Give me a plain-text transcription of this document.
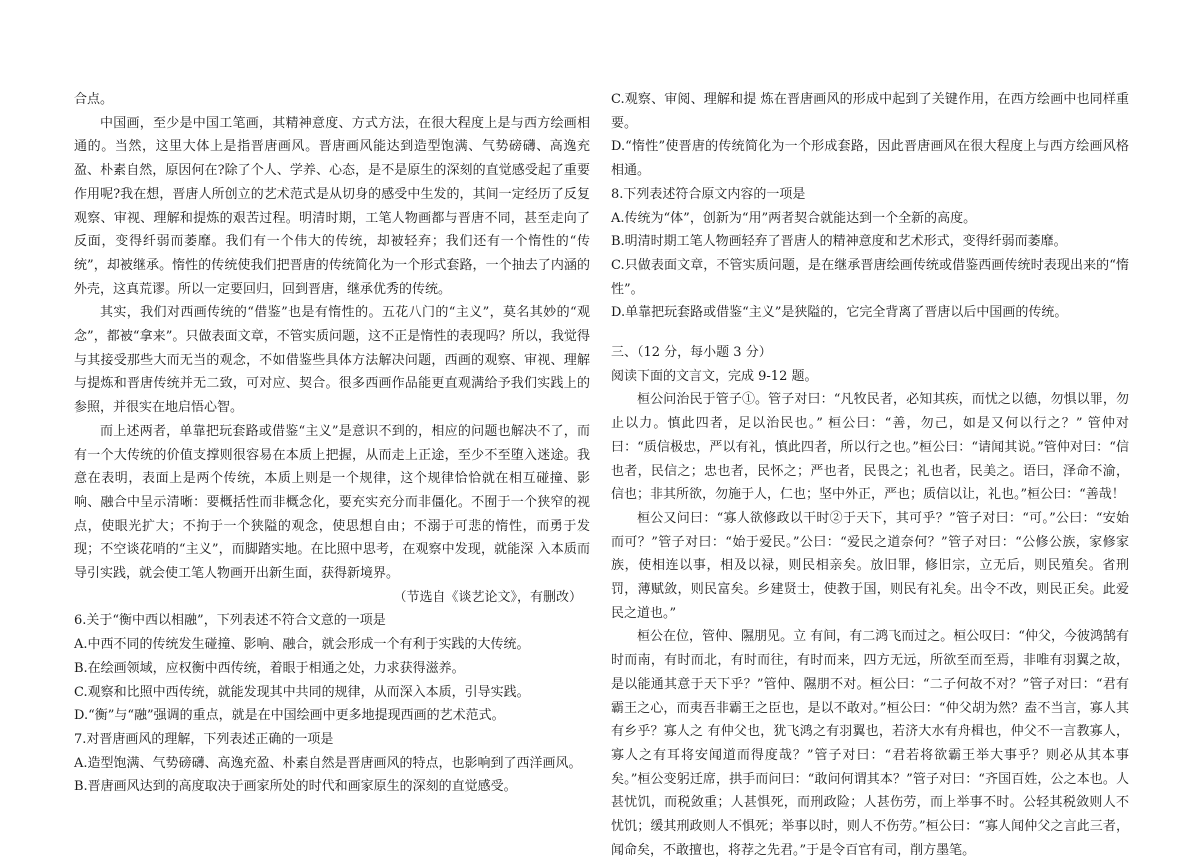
合点。

中国画，至少是中国工笔画，其精神意度、方式方法，在很大程度上是与西方绘画相通的。当然，这里大体上是指晋唐画风。晋唐画风能达到造型饱满、气势磅礴、高逸充盈、朴素自然，原因何在?除了个人、学养、心态，是不是原生的深刻的直觉感受起了重要作用呢?我在想，晋唐人所创立的艺术范式是从切身的感受中生发的，其间一定经历了反复观察、审视、理解和提炼的艰苦过程。明清时期，工笔人物画都与晋唐不同，甚至走向了反面，变得纤弱而萎靡。我们有一个伟大的传统，却被轻弃；我们还有一个惰性的“传统”，却被继承。惰性的传统使我们把晋唐的传统简化为一个形式套路，一个抽去了内涵的外壳，这真荒谬。所以一定要回归，回到晋唐，继承优秀的传统。

其实，我们对西画传统的“借鉴”也是有惰性的。五花八门的“主义”，莫名其妙的“观念”，都被“拿来”。只做表面文章，不管实质问题，这不正是惰性的表现吗？所以，我觉得与其接受那些大而无当的观念，不如借鉴些具体方法解决问题，西画的观察、审视、理解与提炼和晋唐传统并无二致，可对应、契合。很多西画作品能更直观满给予我们实践上的参照，并很实在地启悟心智。

而上述两者，单靠把玩套路或借鉴“主义”是意识不到的，相应的问题也解决不了，而有一个大传统的价值支撑则很容易在本质上把握，从而走上正途，至少不至堕入迷途。我意在表明，表面上是两个传统，本质上则是一个规律，这个规律恰恰就在相互碰撞、影响、融合中呈示清晰：要概括性而非概念化，要充实充分而非僵化。不囿于一个狭窄的视 点，使眼光扩大；不拘于一个狭隘的观念，使思想自由；不溺于可悲的惰性，而勇于发现；不空谈花哨的“主义”，而脚踏实地。在比照中思考，在观察中发现，就能深 入本质而导引实践，就会使工笔人物画开出新生面，获得新境界。

（节选自《谈艺论文》，有删改）

6.关于“衡中西以相融”，下列表述不符合文意的一项是

A.中西不同的传统发生碰撞、影响、融合，就会形成一个有利于实践的大传统。

B.在绘画领域，应权衡中西传统，着眼于相通之处，力求获得滋养。

C.观察和比照中西传统，就能发现其中共同的规律，从而深入本质，引导实践。

D.“衡”与“融”强调的重点，就是在中国绘画中更多地提现西画的艺术范式。

7.对晋唐画风的理解，下列表述正确的一项是

A.造型饱满、气势磅礴、高逸充盈、朴素自然是晋唐画风的特点，也影响到了西洋画风。

B.晋唐画风达到的高度取决于画家所处的时代和画家原生的深刻的直觉感受。

C.观察、审阅、理解和提 炼在晋唐画风的形成中起到了关键作用，在西方绘画中也同样重要。

D.“惰性”使晋唐的传统简化为一个形成套路，因此晋唐画风在很大程度上与西方绘画风格相通。

8.下列表述符合原文内容的一项是

A.传统为“体”，创新为“用”两者契合就能达到一个全新的高度。

B.明清时期工笔人物画轻弃了晋唐人的精神意度和艺术形式，变得纤弱而萎靡。

C.只做表面文章，不管实质问题，是在继承晋唐绘画传统或借鉴西画传统时表现出来的“惰性”。

D.单靠把玩套路或借鉴“主义”是狭隘的，它完全背离了晋唐以后中国画的传统。

三、（12 分，每小题 3 分）

阅读下面的文言文，完成 9-12 题。

桓公问治民于管子①。管子对曰：“凡牧民者，必知其疾，而忧之以德，勿惧以罪，勿止以力。慎此四者，足以治民也。” 桓公曰：“善，勿己，如是又何以行之？” 管仲对曰：“质信极忠，严以有礼，慎此四者，所以行之也。”桓公曰：“请闻其说。”管仲对曰：“信也者，民信之；忠也者，民怀之；严也者，民畏之；礼也者，民美之。语曰，泽命不渝，信也；非其所欲，勿施于人，仁也；坚中外正，严也；质信以让，礼也。”桓公曰：“善哉！

桓公又问曰：“寡人欲修政以干时②于天下，其可乎？”管子对曰：“可。”公曰：“安始而可？”管子对曰：“始于爱民。”公曰：“爱民之道奈何？”管子对曰：“公修公族，家修家族，使相连以事，相及以禄，则民相亲矣。放旧罪，修旧宗，立无后，则民殖矣。省刑罚，薄赋敛，则民富矣。乡建贤士，使教于国，则民有礼矣。出令不改，则民正矣。此爱民之道也。”

桓公在位，管仲、隰朋见。立 有间，有二鸿飞而过之。桓公叹曰：“仲父，今彼鸿鹄有时而南，有时而北，有时而往，有时而来，四方无远，所欲至而至焉，非唯有羽翼之故，是以能通其意于天下乎？”管仲、隰朋不对。桓公曰：“二子何故不对？”管子对曰：“君有霸王之心，而夷吾非霸王之臣也，是以不敢对。”桓公曰：“仲父胡为然？盍不当言，寡人其有乡乎？寡人之 有仲父也，犹飞鸿之有羽翼也，若济大水有舟楫也，仲父不一言教寡人，寡人之有耳将安闻道而得度哉？”管子对曰：“君若将欲霸王举大事乎？则必从其本事矣。”桓公变躬迁席，拱手而问曰：“敢问何谓其本？”管子对曰：“齐国百姓，公之本也。人甚忧饥，而税敛重；人甚惧死，而刑政险；人甚伤劳，而上举事不时。公轻其税敛则人不忧饥；缓其刑政则人不惧死；举事以时，则人不伤劳。”桓公曰：“寡人闻仲父之言此三者，闻命矣，不敢擅也，将荐之先君。”于是令百官有司，削方墨笔。
